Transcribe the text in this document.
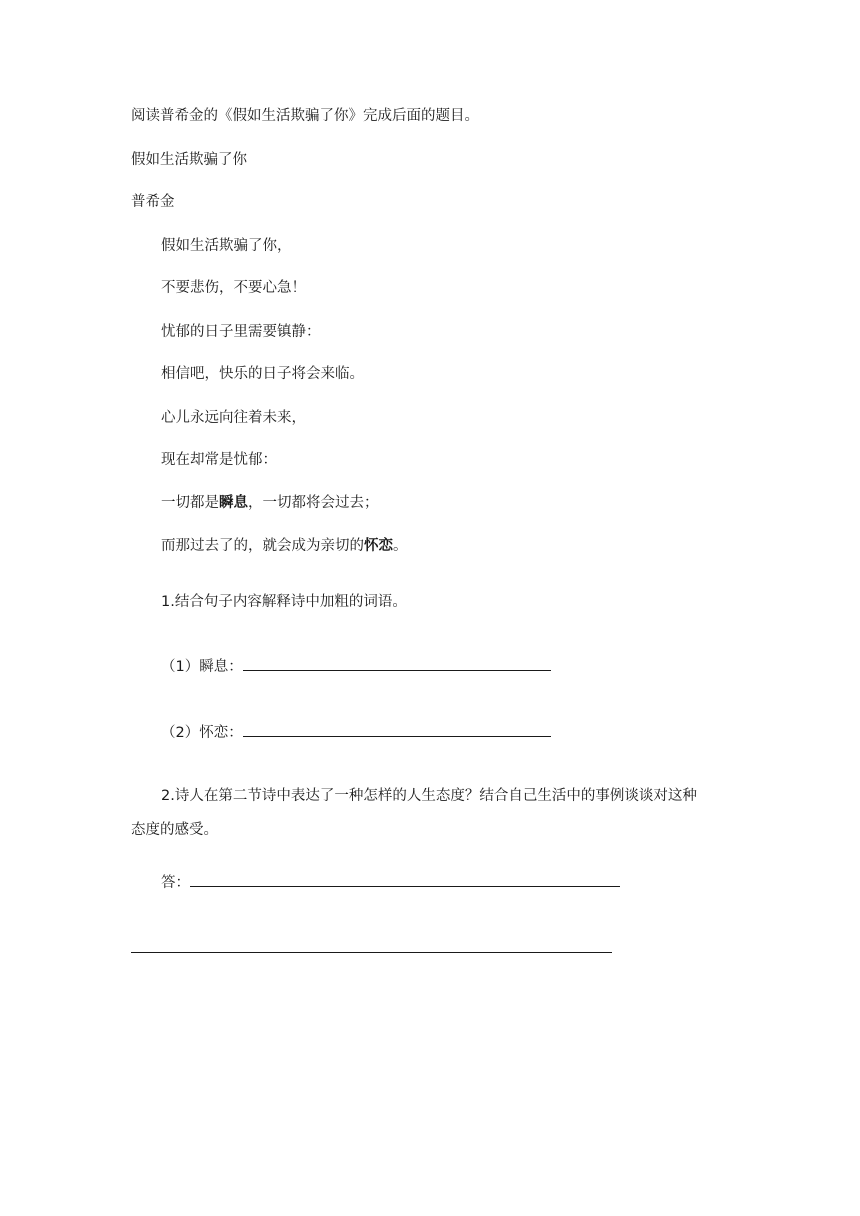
阅读普希金的《假如生活欺骗了你》完成后面的题目。
假如生活欺骗了你
普希金
假如生活欺骗了你，
不要悲伤，不要心急！
忧郁的日子里需要镇静：
相信吧，快乐的日子将会来临。
心儿永远向往着未来，
现在却常是忧郁：
一切都是瞬息，一切都将会过去；
而那过去了的，就会成为亲切的怀恋。
1.结合句子内容解释诗中加粗的词语。
（1）瞬息：
（2）怀恋：
2.诗人在第二节诗中表达了一种怎样的人生态度？结合自己生活中的事例谈谈对这种
态度的感受。
答：
